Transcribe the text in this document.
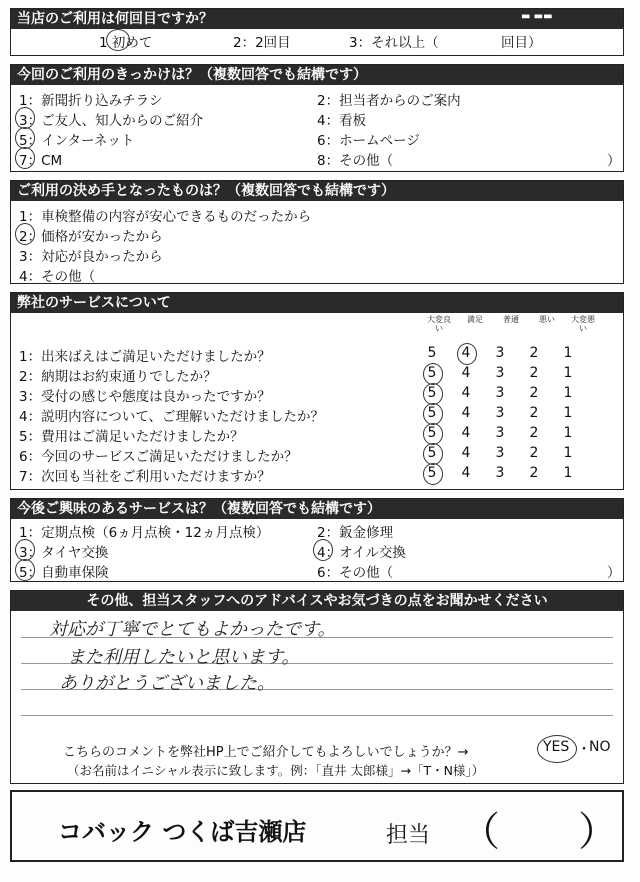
当店のご利用は何回目ですか？
1 初めて	2：2回目	3：それ以上（	回目）
▬ ▬▬
今回のご利用のきっかけは？（複数回答でも結構です）
1：新聞折り込みチラシ
3：ご友人、知人からのご紹介
5：インターネット
7：CM
2：担当者からのご案内
4：看板
6：ホームページ
8：その他（	）
ご利用の決め手となったものは？（複数回答でも結構です）
1：車検整備の内容が安心できるものだったから
2：価格が安かったから
3：対応が良かったから
4：その他（
弊社のサービスについて
大変良い
満足	普通	悪い	大変悪い
1：出来ばえはご満足いただけましたか？	5 4 3 2 1
2：納期はお約束通りでしたか？	5 4 3 2 1
3：受付の感じや態度は良かったですか？	5 4 3 2 1
4：説明内容について、ご理解いただけましたか？	5 4 3 2 1
5：費用はご満足いただけましたか？	5 4 3 2 1
6：今回のサービスご満足いただけましたか？	5 4 3 2 1
7：次回も当社をご利用いただけますか？	5 4 3 2 1
今後ご興味のあるサービスは？（複数回答でも結構です）
1：定期点検（6ヵ月点検・12ヵ月点検）
3：タイヤ交換
5：自動車保険
2：鈑金修理
4：オイル交換
6：その他（	）
その他、担当スタッフへのアドバイスやお気づきの点をお聞かせください
対応が丁寧でとてもよかったです。
また利用したいと思います。
ありがとうございました。
こちらのコメントを弊社HP上でご紹介してもよろしいでしょうか？→	YES ・
NO
（お名前はイニシャル表示に致します。例：「直井 太郎様」→「T・N様」）
コバック つくば吉瀬店	担当 （ ）
